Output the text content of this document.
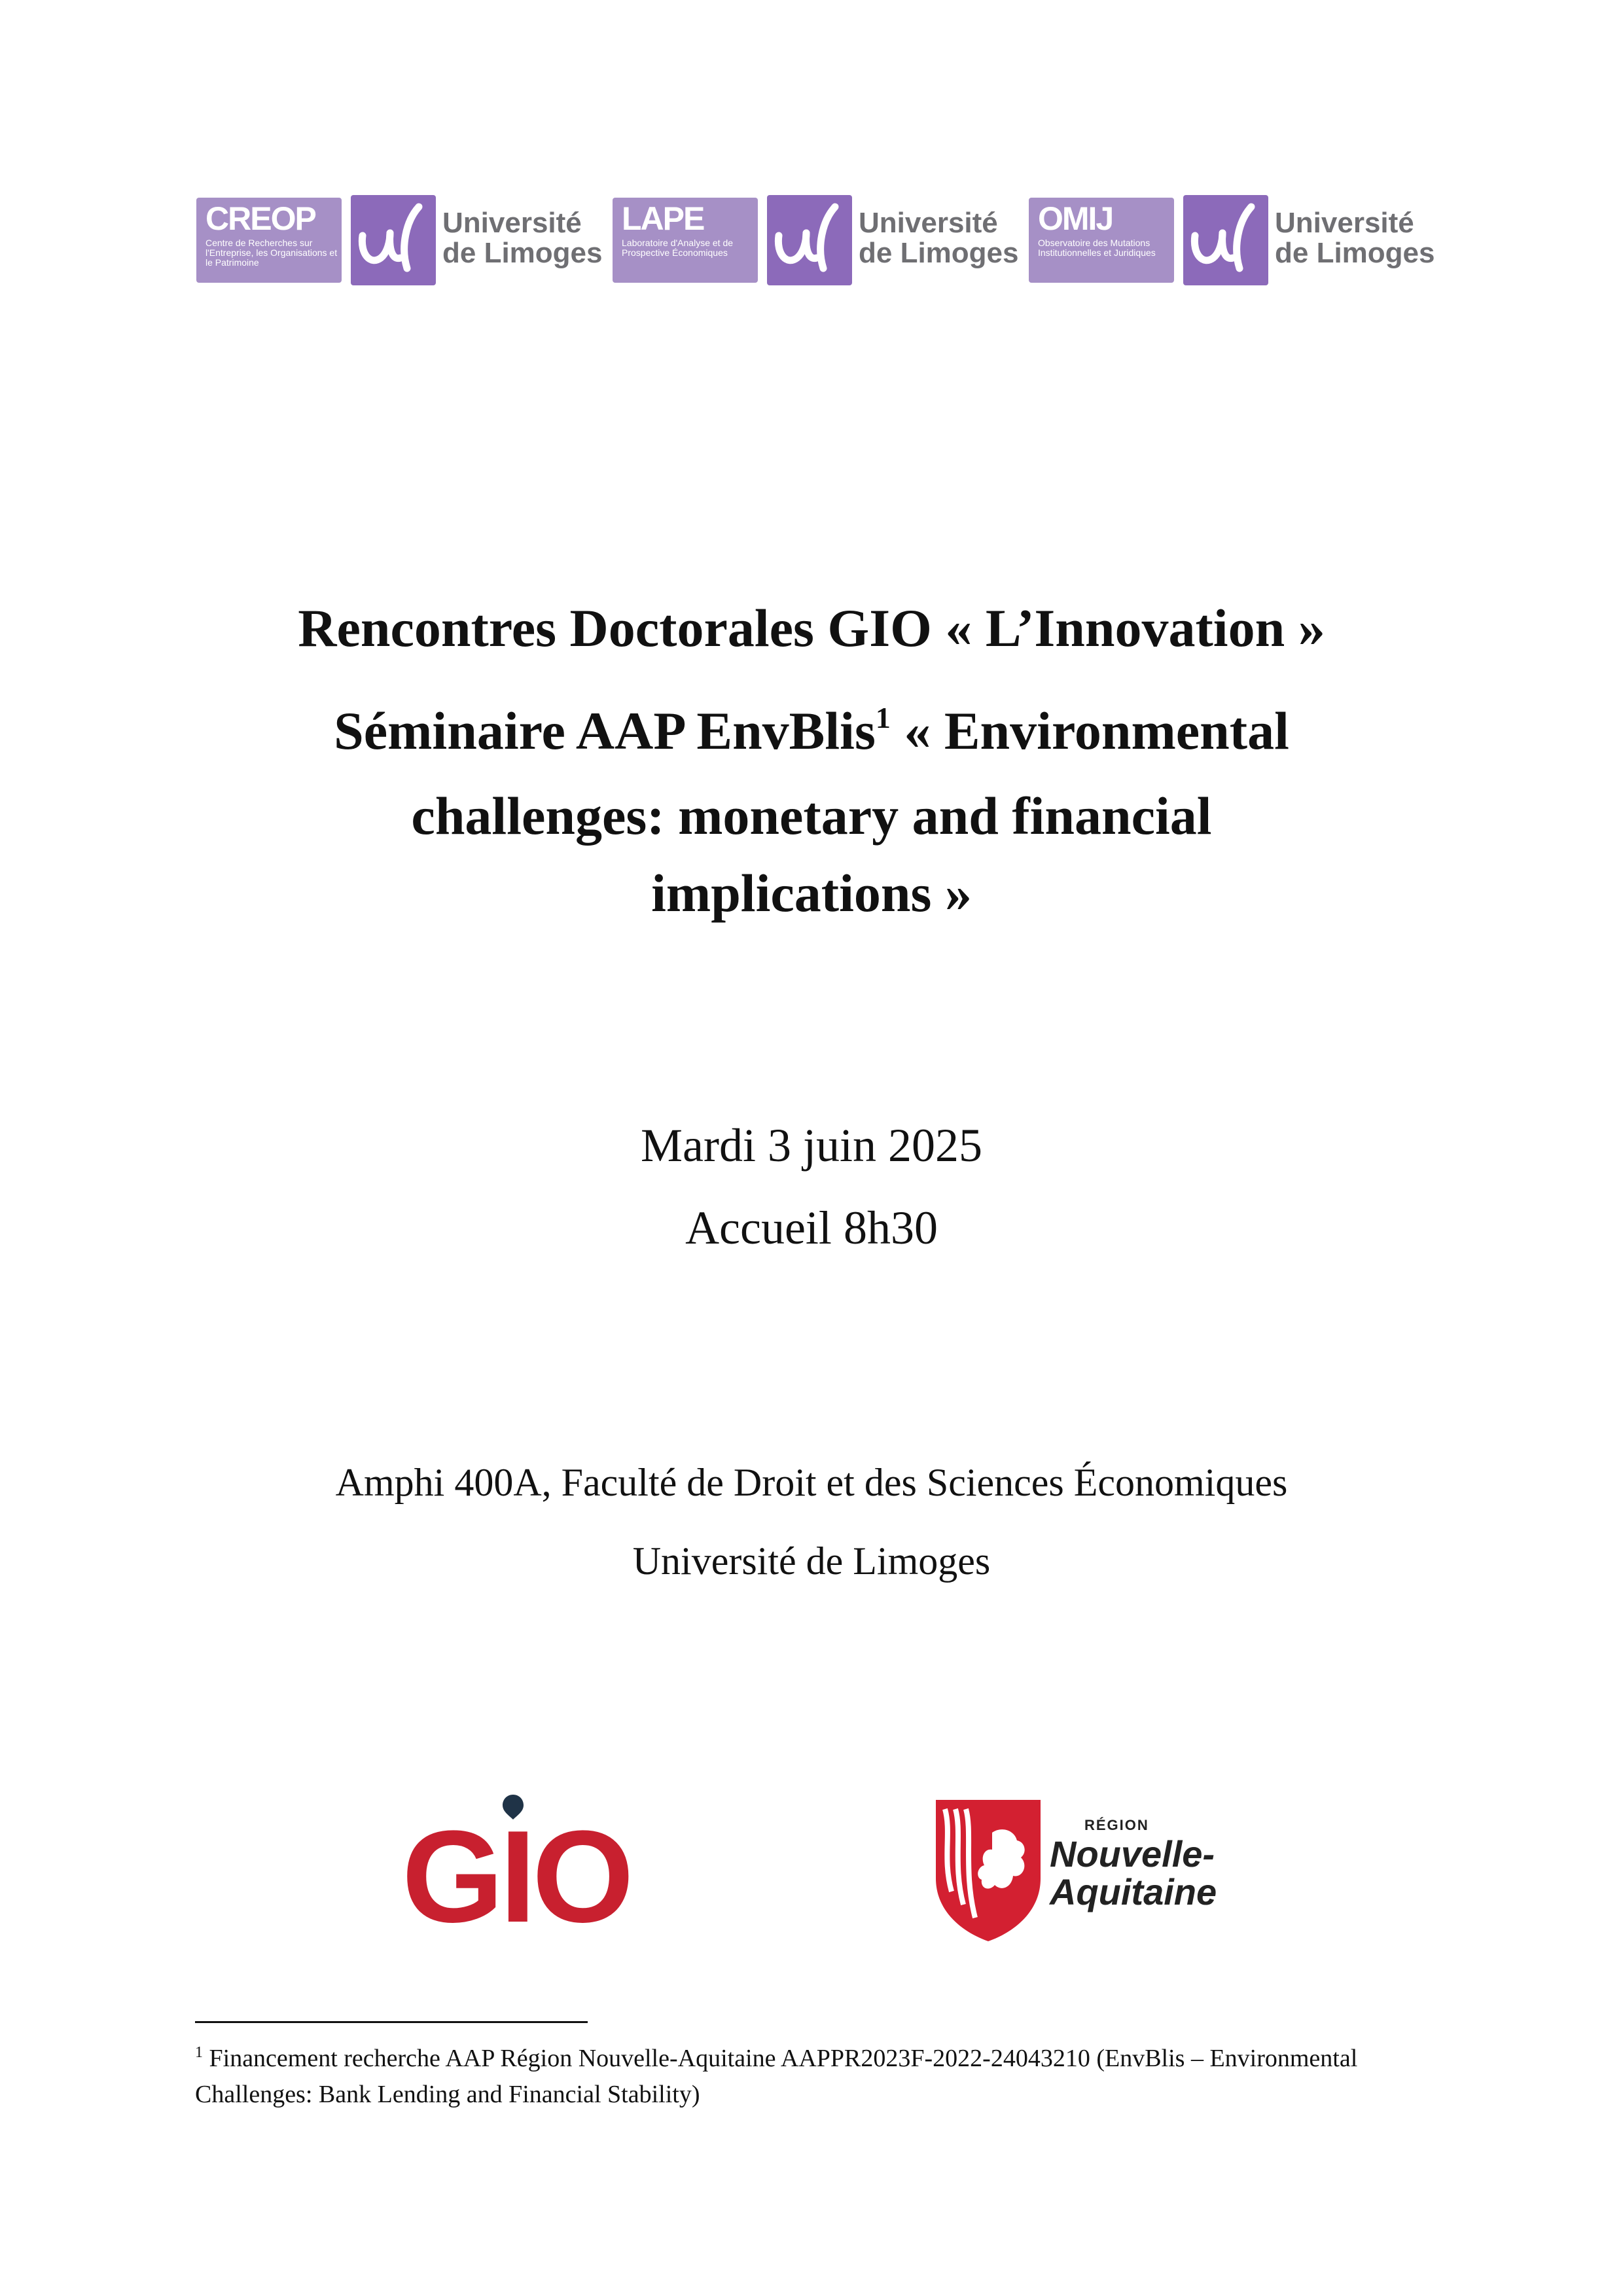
CREOP
Centre de Recherches sur l'Entreprise, les Organisations et le Patrimoine
Université
de Limoges
LAPE
Laboratoire d'Analyse et de Prospective Économiques
Université
de Limoges
OMIJ
Observatoire des Mutations Institutionnelles et Juridiques
Université
de Limoges
Rencontres Doctorales GIO « L’Innovation »
Séminaire AAP EnvBlis$^1$ « Environmental
challenges: monetary and financial
implications »
Mardi 3 juin 2025
Accueil 8h30
Amphi 400A, Faculté de Droit et des Sciences Économiques
Université de Limoges
GIO	RÉGION
Nouvelle-
Aquitaine
$^1$ Financement recherche AAP Région Nouvelle-Aquitaine AAPPR2023F-2022-24043210 (EnvBlis – Environmental Challenges: Bank Lending and Financial Stability)
